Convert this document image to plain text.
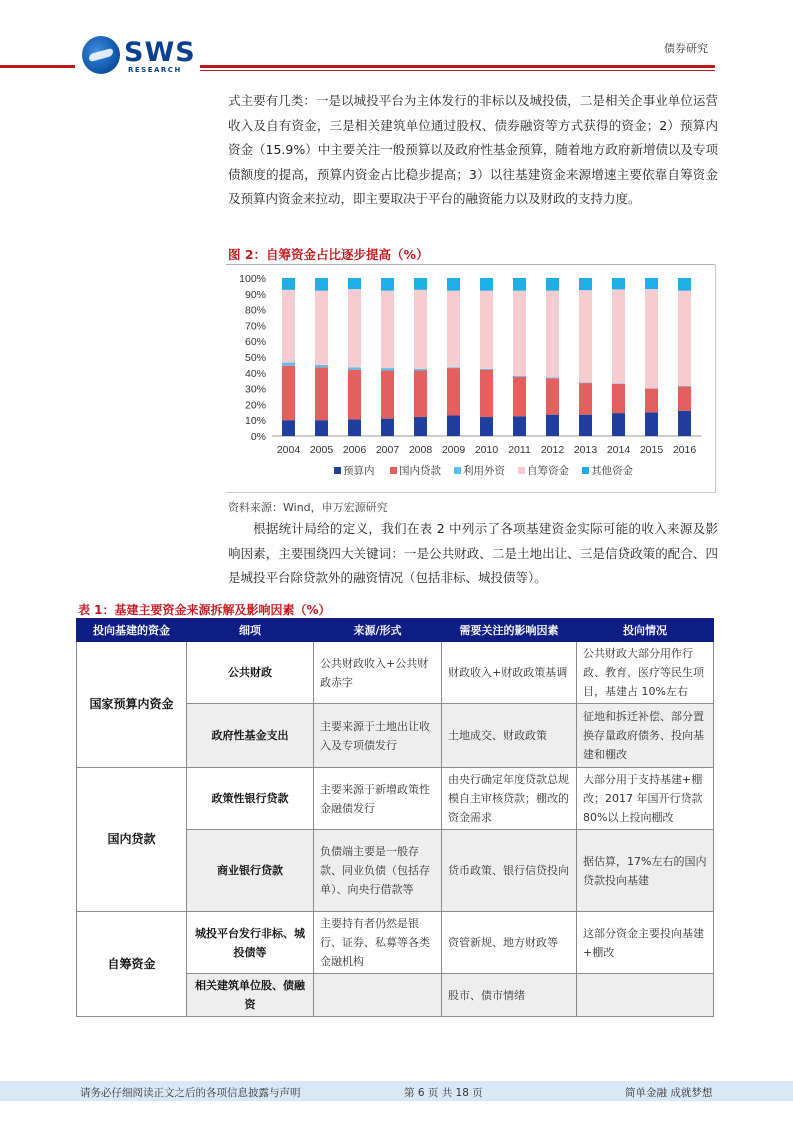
SWS
RESEARCH
债券研究
式主要有几类：一是以城投平台为主体发行的非标以及城投债，二是相关企事业单位运营收入及自有资金，三是相关建筑单位通过股权、债券融资等方式获得的资金；2）预算内资金（15.9%）中主要关注一般预算以及政府性基金预算，随着地方政府新增债以及专项债额度的提高，预算内资金占比稳步提高；3）以往基建资金来源增速主要依靠自筹资金及预算内资金来拉动，即主要取决于平台的融资能力以及财政的支持力度。
图 2：自筹资金占比逐步提高（%）
0%
10%
20%
30%
40%
50%
60%
70%
80%
90%
100%
2004 2005 2006 2007 2008 2009 2010 2011 2012 2013 2014 2015 2016
预算内 国内贷款 利用外资 自筹资金 其他资金
资料来源：Wind，申万宏源研究
根据统计局给的定义，我们在表 2 中列示了各项基建资金实际可能的收入来源及影响因素，主要围绕四大关键词：一是公共财政、二是土地出让、三是信贷政策的配合、四是城投平台除贷款外的融资情况（包括非标、城投债等）。
表 1：基建主要资金来源拆解及影响因素（%）
投向基建的资金	细项	来源/形式	需要关注的影响因素	投向情况
国家预算内资金	公共财政	公共财政收入+公共财政赤字	财政收入+财政政策基调	公共财政大部分用作行政、教育、医疗等民生项目，基建占 10%左右
	政府性基金支出	主要来源于土地出让收入及专项债发行	土地成交、财政政策	征地和拆迁补偿、部分置换存量政府债务、投向基建和棚改
国内贷款	政策性银行贷款	主要来源于新增政策性金融债发行	由央行确定年度贷款总规模自主审核贷款；棚改的资金需求	大部分用于支持基建+棚改；2017 年国开行贷款 80%以上投向棚改
	商业银行贷款	负债端主要是一般存款、同业负债（包括存单）、向央行借款等	货币政策、银行信贷投向	据估算，17%左右的国内贷款投向基建
自筹资金	城投平台发行非标、城投债等	主要持有者仍然是银行、证券、私募等各类金融机构	资管新规、地方财政等	这部分资金主要投向基建+棚改
	相关建筑单位股、债融资		股市、债市情绪	
请务必仔细阅读正文之后的各项信息披露与声明	第 6 页 共 18 页	简单金融 成就梦想
